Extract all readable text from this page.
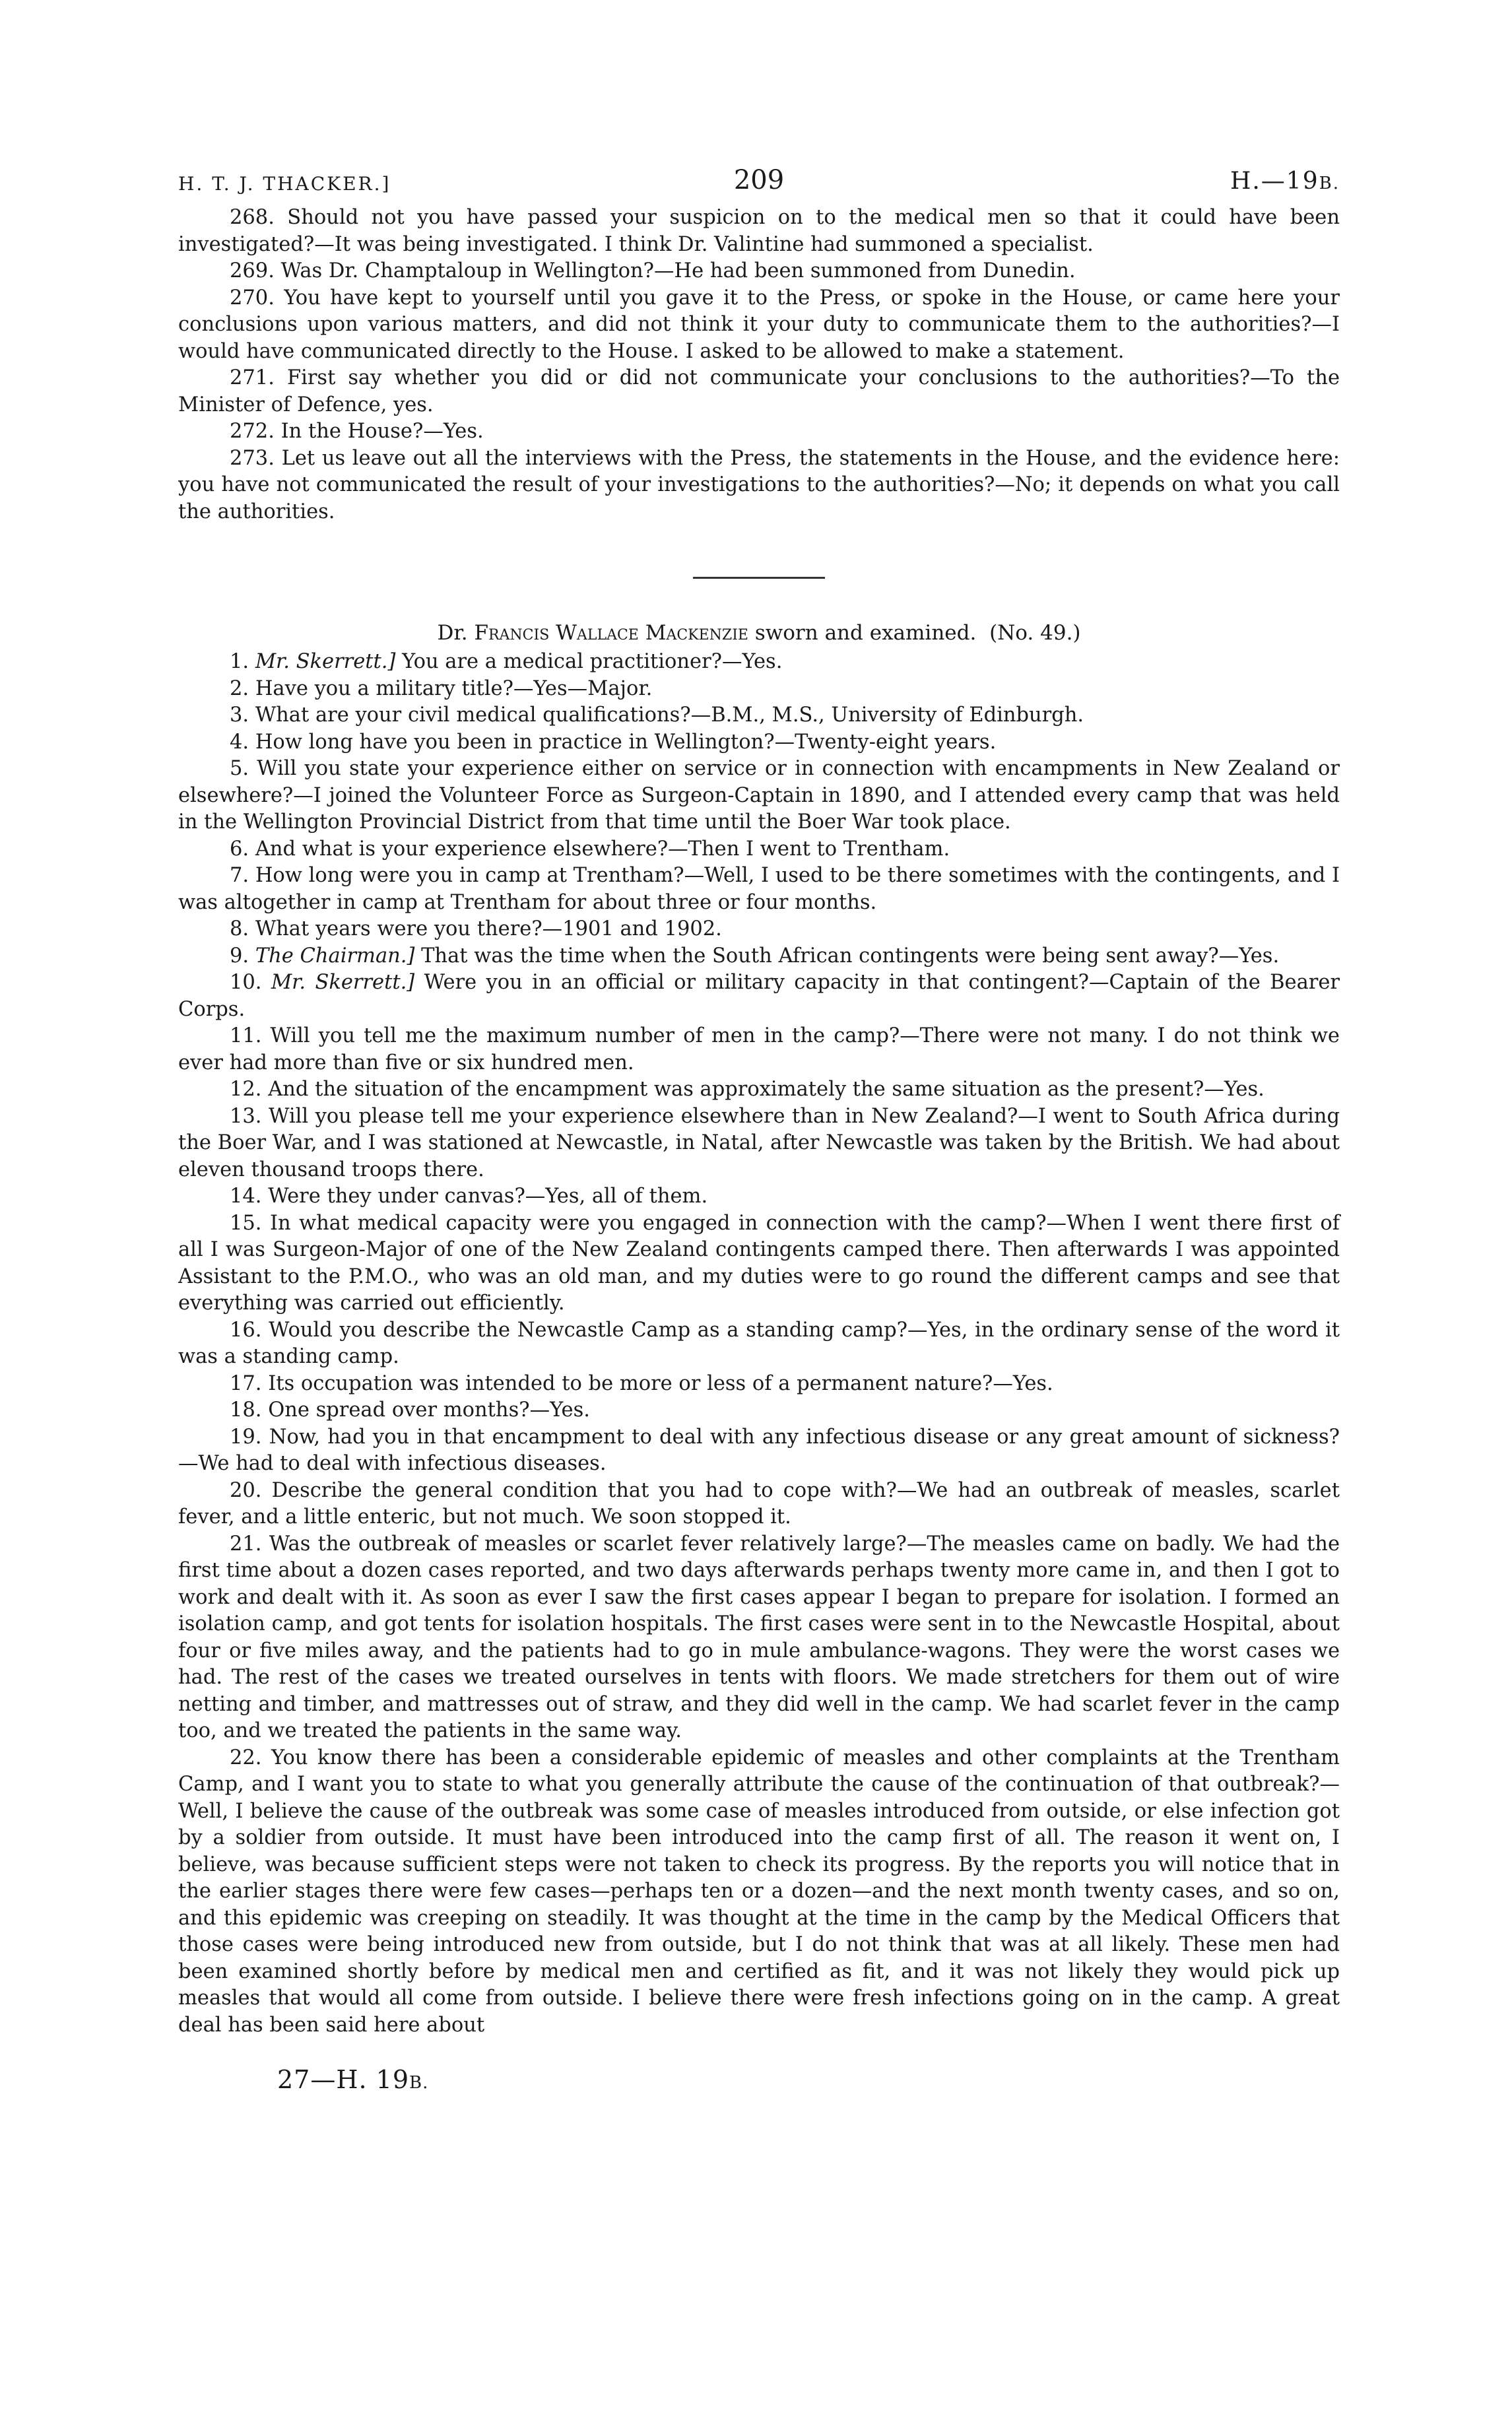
H. T. J. THACKER.]	209	H.—19B.

268. Should not you have passed your suspicion on to the medical men so that it could have been investigated?—It was being investigated. I think Dr. Valintine had summoned a specialist.

269. Was Dr. Champtaloup in Wellington?—He had been summoned from Dunedin.

270. You have kept to yourself until you gave it to the Press, or spoke in the House, or came here your conclusions upon various matters, and did not think it your duty to communicate them to the authorities?—I would have communicated directly to the House. I asked to be allowed to make a statement.

271. First say whether you did or did not communicate your conclusions to the authorities?—To the Minister of Defence, yes.

272. In the House?—Yes.

273. Let us leave out all the interviews with the Press, the statements in the House, and the evidence here: you have not communicated the result of your investigations to the authorities?—No; it depends on what you call the authorities.

Dr. Francis Wallace Mackenzie sworn and examined. (No. 49.)

1. Mr. Skerrett.] You are a medical practitioner?—Yes.

2. Have you a military title?—Yes—Major.

3. What are your civil medical qualifications?—B.M., M.S., University of Edinburgh.

4. How long have you been in practice in Wellington?—Twenty-eight years.

5. Will you state your experience either on service or in connection with encampments in New Zealand or elsewhere?—I joined the Volunteer Force as Surgeon-Captain in 1890, and I attended every camp that was held in the Wellington Provincial District from that time until the Boer War took place.

6. And what is your experience elsewhere?—Then I went to Trentham.

7. How long were you in camp at Trentham?—Well, I used to be there sometimes with the contingents, and I was altogether in camp at Trentham for about three or four months.

8. What years were you there?—1901 and 1902.

9. The Chairman.] That was the time when the South African contingents were being sent away?—Yes.

10. Mr. Skerrett.] Were you in an official or military capacity in that contingent?—Captain of the Bearer Corps.

11. Will you tell me the maximum number of men in the camp?—There were not many. I do not think we ever had more than five or six hundred men.

12. And the situation of the encampment was approximately the same situation as the present?—Yes.

13. Will you please tell me your experience elsewhere than in New Zealand?—I went to South Africa during the Boer War, and I was stationed at Newcastle, in Natal, after Newcastle was taken by the British. We had about eleven thousand troops there.

14. Were they under canvas?—Yes, all of them.

15. In what medical capacity were you engaged in connection with the camp?—When I went there first of all I was Surgeon-Major of one of the New Zealand contingents camped there. Then afterwards I was appointed Assistant to the P.M.O., who was an old man, and my duties were to go round the different camps and see that everything was carried out efficiently.

16. Would you describe the Newcastle Camp as a standing camp?—Yes, in the ordinary sense of the word it was a standing camp.

17. Its occupation was intended to be more or less of a permanent nature?—Yes.

18. One spread over months?—Yes.

19. Now, had you in that encampment to deal with any infectious disease or any great amount of sickness?—We had to deal with infectious diseases.

20. Describe the general condition that you had to cope with?—We had an outbreak of measles, scarlet fever, and a little enteric, but not much. We soon stopped it.

21. Was the outbreak of measles or scarlet fever relatively large?—The measles came on badly. We had the first time about a dozen cases reported, and two days afterwards perhaps twenty more came in, and then I got to work and dealt with it. As soon as ever I saw the first cases appear I began to prepare for isolation. I formed an isolation camp, and got tents for isolation hospitals. The first cases were sent in to the Newcastle Hospital, about four or five miles away, and the patients had to go in mule ambulance-wagons. They were the worst cases we had. The rest of the cases we treated ourselves in tents with floors. We made stretchers for them out of wire netting and timber, and mattresses out of straw, and they did well in the camp. We had scarlet fever in the camp too, and we treated the patients in the same way.

22. You know there has been a considerable epidemic of measles and other complaints at the Trentham Camp, and I want you to state to what you generally attribute the cause of the continuation of that outbreak?—Well, I believe the cause of the outbreak was some case of measles introduced from outside, or else infection got by a soldier from outside. It must have been introduced into the camp first of all. The reason it went on, I believe, was because sufficient steps were not taken to check its progress. By the reports you will notice that in the earlier stages there were few cases—perhaps ten or a dozen—and the next month twenty cases, and so on, and this epidemic was creeping on steadily. It was thought at the time in the camp by the Medical Officers that those cases were being introduced new from outside, but I do not think that was at all likely. These men had been examined shortly before by medical men and certified as fit, and it was not likely they would pick up measles that would all come from outside. I believe there were fresh infections going on in the camp. A great deal has been said here about

27—H. 19B.
